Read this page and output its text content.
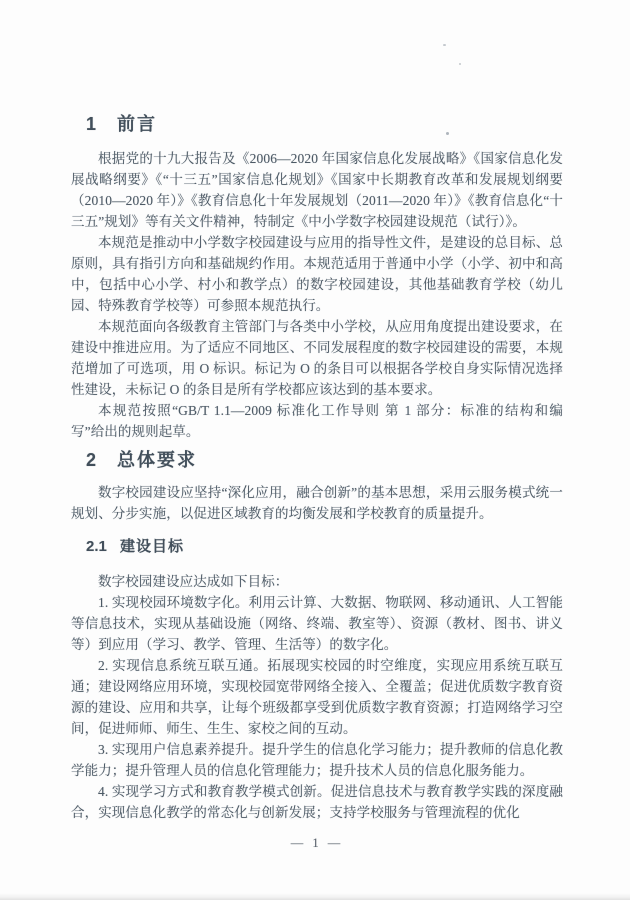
1 前言

根据党的十九大报告及《2006—2020 年国家信息化发展战略》《国家信息化发展战略纲要》《“十三五”国家信息化规划》《国家中长期教育改革和发展规划纲要（2010—2020 年）》《教育信息化十年发展规划（2011—2020 年）》《教育信息化“十三五”规划》等有关文件精神，特制定《中小学数字校园建设规范（试行）》。

本规范是推动中小学数字校园建设与应用的指导性文件，是建设的总目标、总原则，具有指引方向和基础规约作用。本规范适用于普通中小学（小学、初中和高中，包括中心小学、村小和教学点）的数字校园建设，其他基础教育学校（幼儿园、特殊教育学校等）可参照本规范执行。

本规范面向各级教育主管部门与各类中小学校，从应用角度提出建设要求，在建设中推进应用。为了适应不同地区、不同发展程度的数字校园建设的需要，本规范增加了可选项，用 O 标识。标记为 O 的条目可以根据各学校自身实际情况选择性建设，未标记 O 的条目是所有学校都应该达到的基本要求。

本规范按照“GB/T 1.1—2009 标准化工作导则 第 1 部分：标准的结构和编写”给出的规则起草。

2 总体要求

数字校园建设应坚持“深化应用，融合创新”的基本思想，采用云服务模式统一规划、分步实施，以促进区域教育的均衡发展和学校教育的质量提升。

2.1 建设目标

数字校园建设应达成如下目标：

1. 实现校园环境数字化。利用云计算、大数据、物联网、移动通讯、人工智能等信息技术，实现从基础设施（网络、终端、教室等）、资源（教材、图书、讲义等）到应用（学习、教学、管理、生活等）的数字化。

2. 实现信息系统互联互通。拓展现实校园的时空维度，实现应用系统互联互通；建设网络应用环境，实现校园宽带网络全接入、全覆盖；促进优质数字教育资源的建设、应用和共享，让每个班级都享受到优质数字教育资源；打造网络学习空间，促进师师、师生、生生、家校之间的互动。

3. 实现用户信息素养提升。提升学生的信息化学习能力；提升教师的信息化教学能力；提升管理人员的信息化管理能力；提升技术人员的信息化服务能力。

4. 实现学习方式和教育教学模式创新。促进信息技术与教育教学实践的深度融合，实现信息化教学的常态化与创新发展；支持学校服务与管理流程的优化

— 1 —
